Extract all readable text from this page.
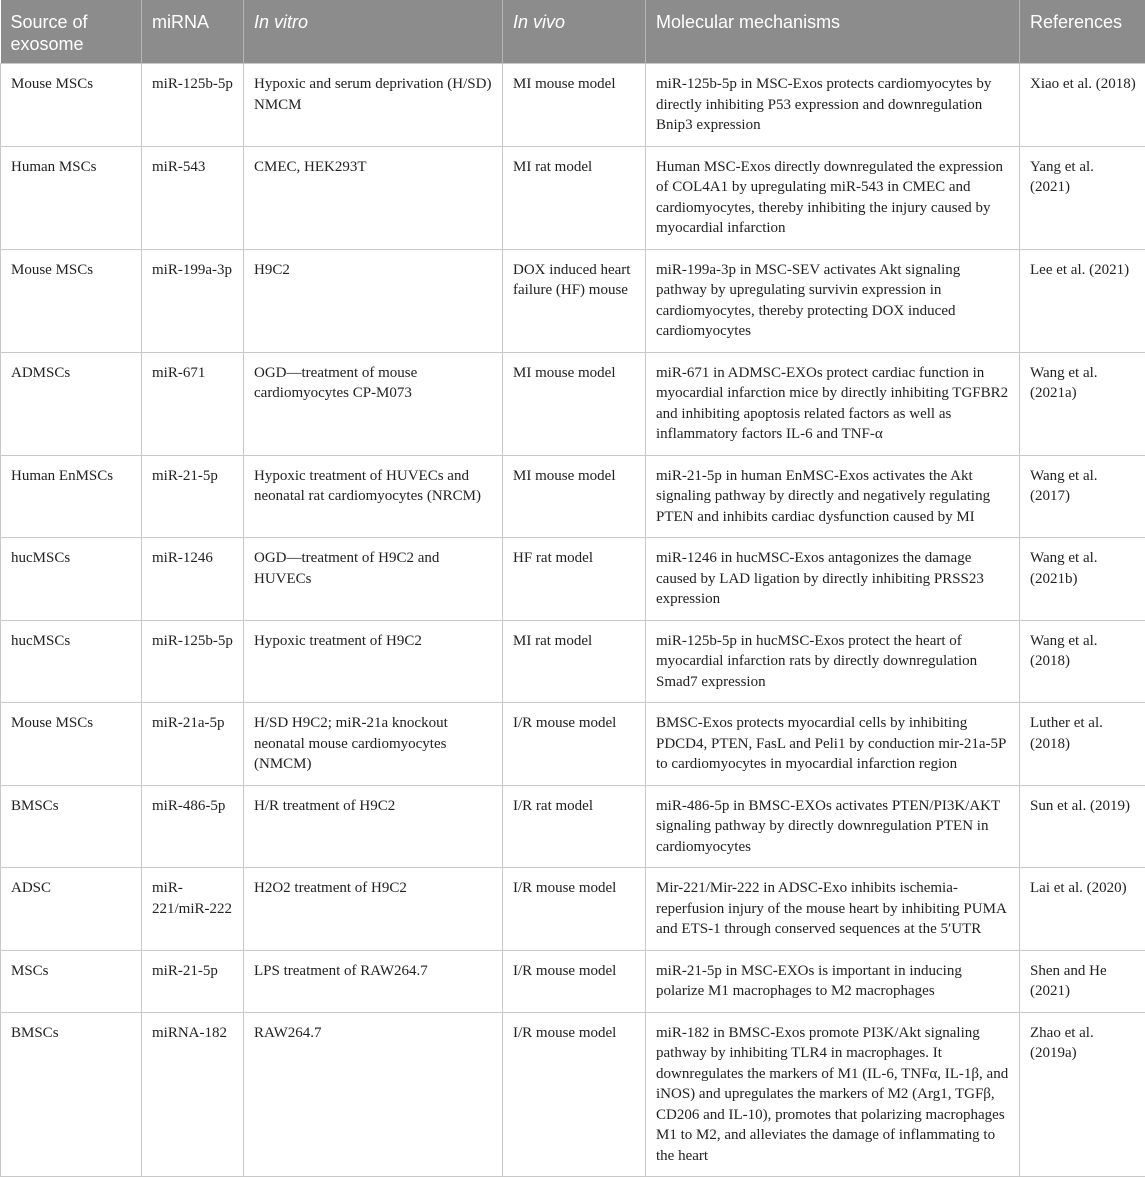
Source of exosome	miRNA	In vitro	In vivo	Molecular mechanisms	References
Mouse MSCs	miR-125b-5p	Hypoxic and serum deprivation (H/SD) NMCM	MI mouse model	miR-125b-5p in MSC-Exos protects cardiomyocytes by directly inhibiting P53 expression and downregulation Bnip3 expression	Xiao et al. (2018)
Human MSCs	miR-543	CMEC, HEK293T	MI rat model	Human MSC-Exos directly downregulated the expression of COL4A1 by upregulating miR-543 in CMEC and cardiomyocytes, thereby inhibiting the injury caused by myocardial infarction	Yang et al. (2021)
Mouse MSCs	miR-199a-3p	H9C2	DOX induced heart failure (HF) mouse	miR-199a-3p in MSC-SEV activates Akt signaling pathway by upregulating survivin expression in cardiomyocytes, thereby protecting DOX induced cardiomyocytes	Lee et al. (2021)
ADMSCs	miR-671	OGD—treatment of mouse cardiomyocytes CP-M073	MI mouse model	miR-671 in ADMSC-EXOs protect cardiac function in myocardial infarction mice by directly inhibiting TGFBR2 and inhibiting apoptosis related factors as well as inflammatory factors IL-6 and TNF-α	Wang et al. (2021a)
Human EnMSCs	miR-21-5p	Hypoxic treatment of HUVECs and neonatal rat cardiomyocytes (NRCM)	MI mouse model	miR-21-5p in human EnMSC-Exos activates the Akt signaling pathway by directly and negatively regulating PTEN and inhibits cardiac dysfunction caused by MI	Wang et al. (2017)
hucMSCs	miR-1246	OGD—treatment of H9C2 and HUVECs	HF rat model	miR-1246 in hucMSC-Exos antagonizes the damage caused by LAD ligation by directly inhibiting PRSS23 expression	Wang et al. (2021b)
hucMSCs	miR-125b-5p	Hypoxic treatment of H9C2	MI rat model	miR-125b-5p in hucMSC-Exos protect the heart of myocardial infarction rats by directly downregulation Smad7 expression	Wang et al. (2018)
Mouse MSCs	miR-21a-5p	H/SD H9C2; miR-21a knockout neonatal mouse cardiomyocytes (NMCM)	I/R mouse model	BMSC-Exos protects myocardial cells by inhibiting PDCD4, PTEN, FasL and Peli1 by conduction mir-21a-5P to cardiomyocytes in myocardial infarction region	Luther et al. (2018)
BMSCs	miR-486-5p	H/R treatment of H9C2	I/R rat model	miR-486-5p in BMSC-EXOs activates PTEN/PI3K/AKT signaling pathway by directly downregulation PTEN in cardiomyocytes	Sun et al. (2019)
ADSC	miR-221/miR-222	H2O2 treatment of H9C2	I/R mouse model	Mir-221/Mir-222 in ADSC-Exo inhibits ischemia-reperfusion injury of the mouse heart by inhibiting PUMA and ETS-1 through conserved sequences at the 5′UTR	Lai et al. (2020)
MSCs	miR-21-5p	LPS treatment of RAW264.7	I/R mouse model	miR-21-5p in MSC-EXOs is important in inducing polarize M1 macrophages to M2 macrophages	Shen and He (2021)
BMSCs	miRNA-182	RAW264.7	I/R mouse model	miR-182 in BMSC-Exos promote PI3K/Akt signaling pathway by inhibiting TLR4 in macrophages. It downregulates the markers of M1 (IL-6, TNFα, IL-1β, and iNOS) and upregulates the markers of M2 (Arg1, TGFβ, CD206 and IL-10), promotes that polarizing macrophages M1 to M2, and alleviates the damage of inflammating to the heart	Zhao et al. (2019a)
